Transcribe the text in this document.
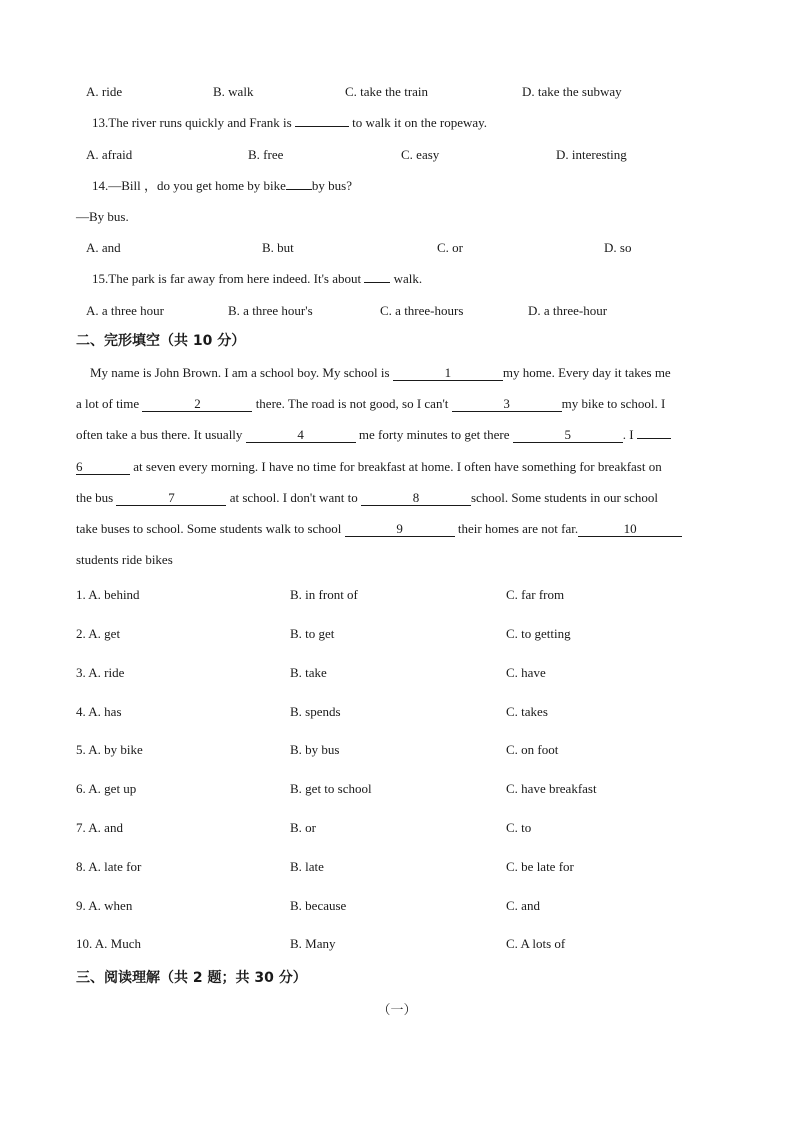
A. ride	B. walk	C. take the train	D. take the subway
13.The river runs quickly and Frank is	to walk it on the ropeway.
A. afraid	B. free	C. easy	D. interesting
14.—Bill ，do you get home by bike by bus?
—By bus.
A. and	B. but	C. or	D. so
15.The park is far away from here indeed. It's about	walk.
A. a three hour	B. a three hour's	C. a three-hours	D. a three-hour
二、完形填空（共 10 分）
My name is John Brown. I am a school boy. My school is	1	my home. Every day it takes me
a lot of time	2	there. The road is not good, so I can't	3	my bike to school. I
often take a bus there. It usually	4	me forty minutes to get there	5	. I
6	at seven every morning. I have no time for breakfast at home. I often have something for breakfast on
the bus	7	at school. I don't want to	8	school. Some students in our school
take buses to school. Some students walk to school	9	their homes are not far.	10
students ride bikes
1. A. behind	B. in front of	C. far from
2. A. get	B. to get	C. to getting
3. A. ride	B. take	C. have
4. A. has	B. spends	C. takes
5. A. by bike	B. by bus	C. on foot
6. A. get up	B. get to school	C. have breakfast
7. A. and	B. or	C. to
8. A. late for	B. late	C. be late for
9. A. when	B. because	C. and
10. A. Much	B. Many	C. A lots of
三、阅读理解（共 2 题；共 30 分）
（一）
